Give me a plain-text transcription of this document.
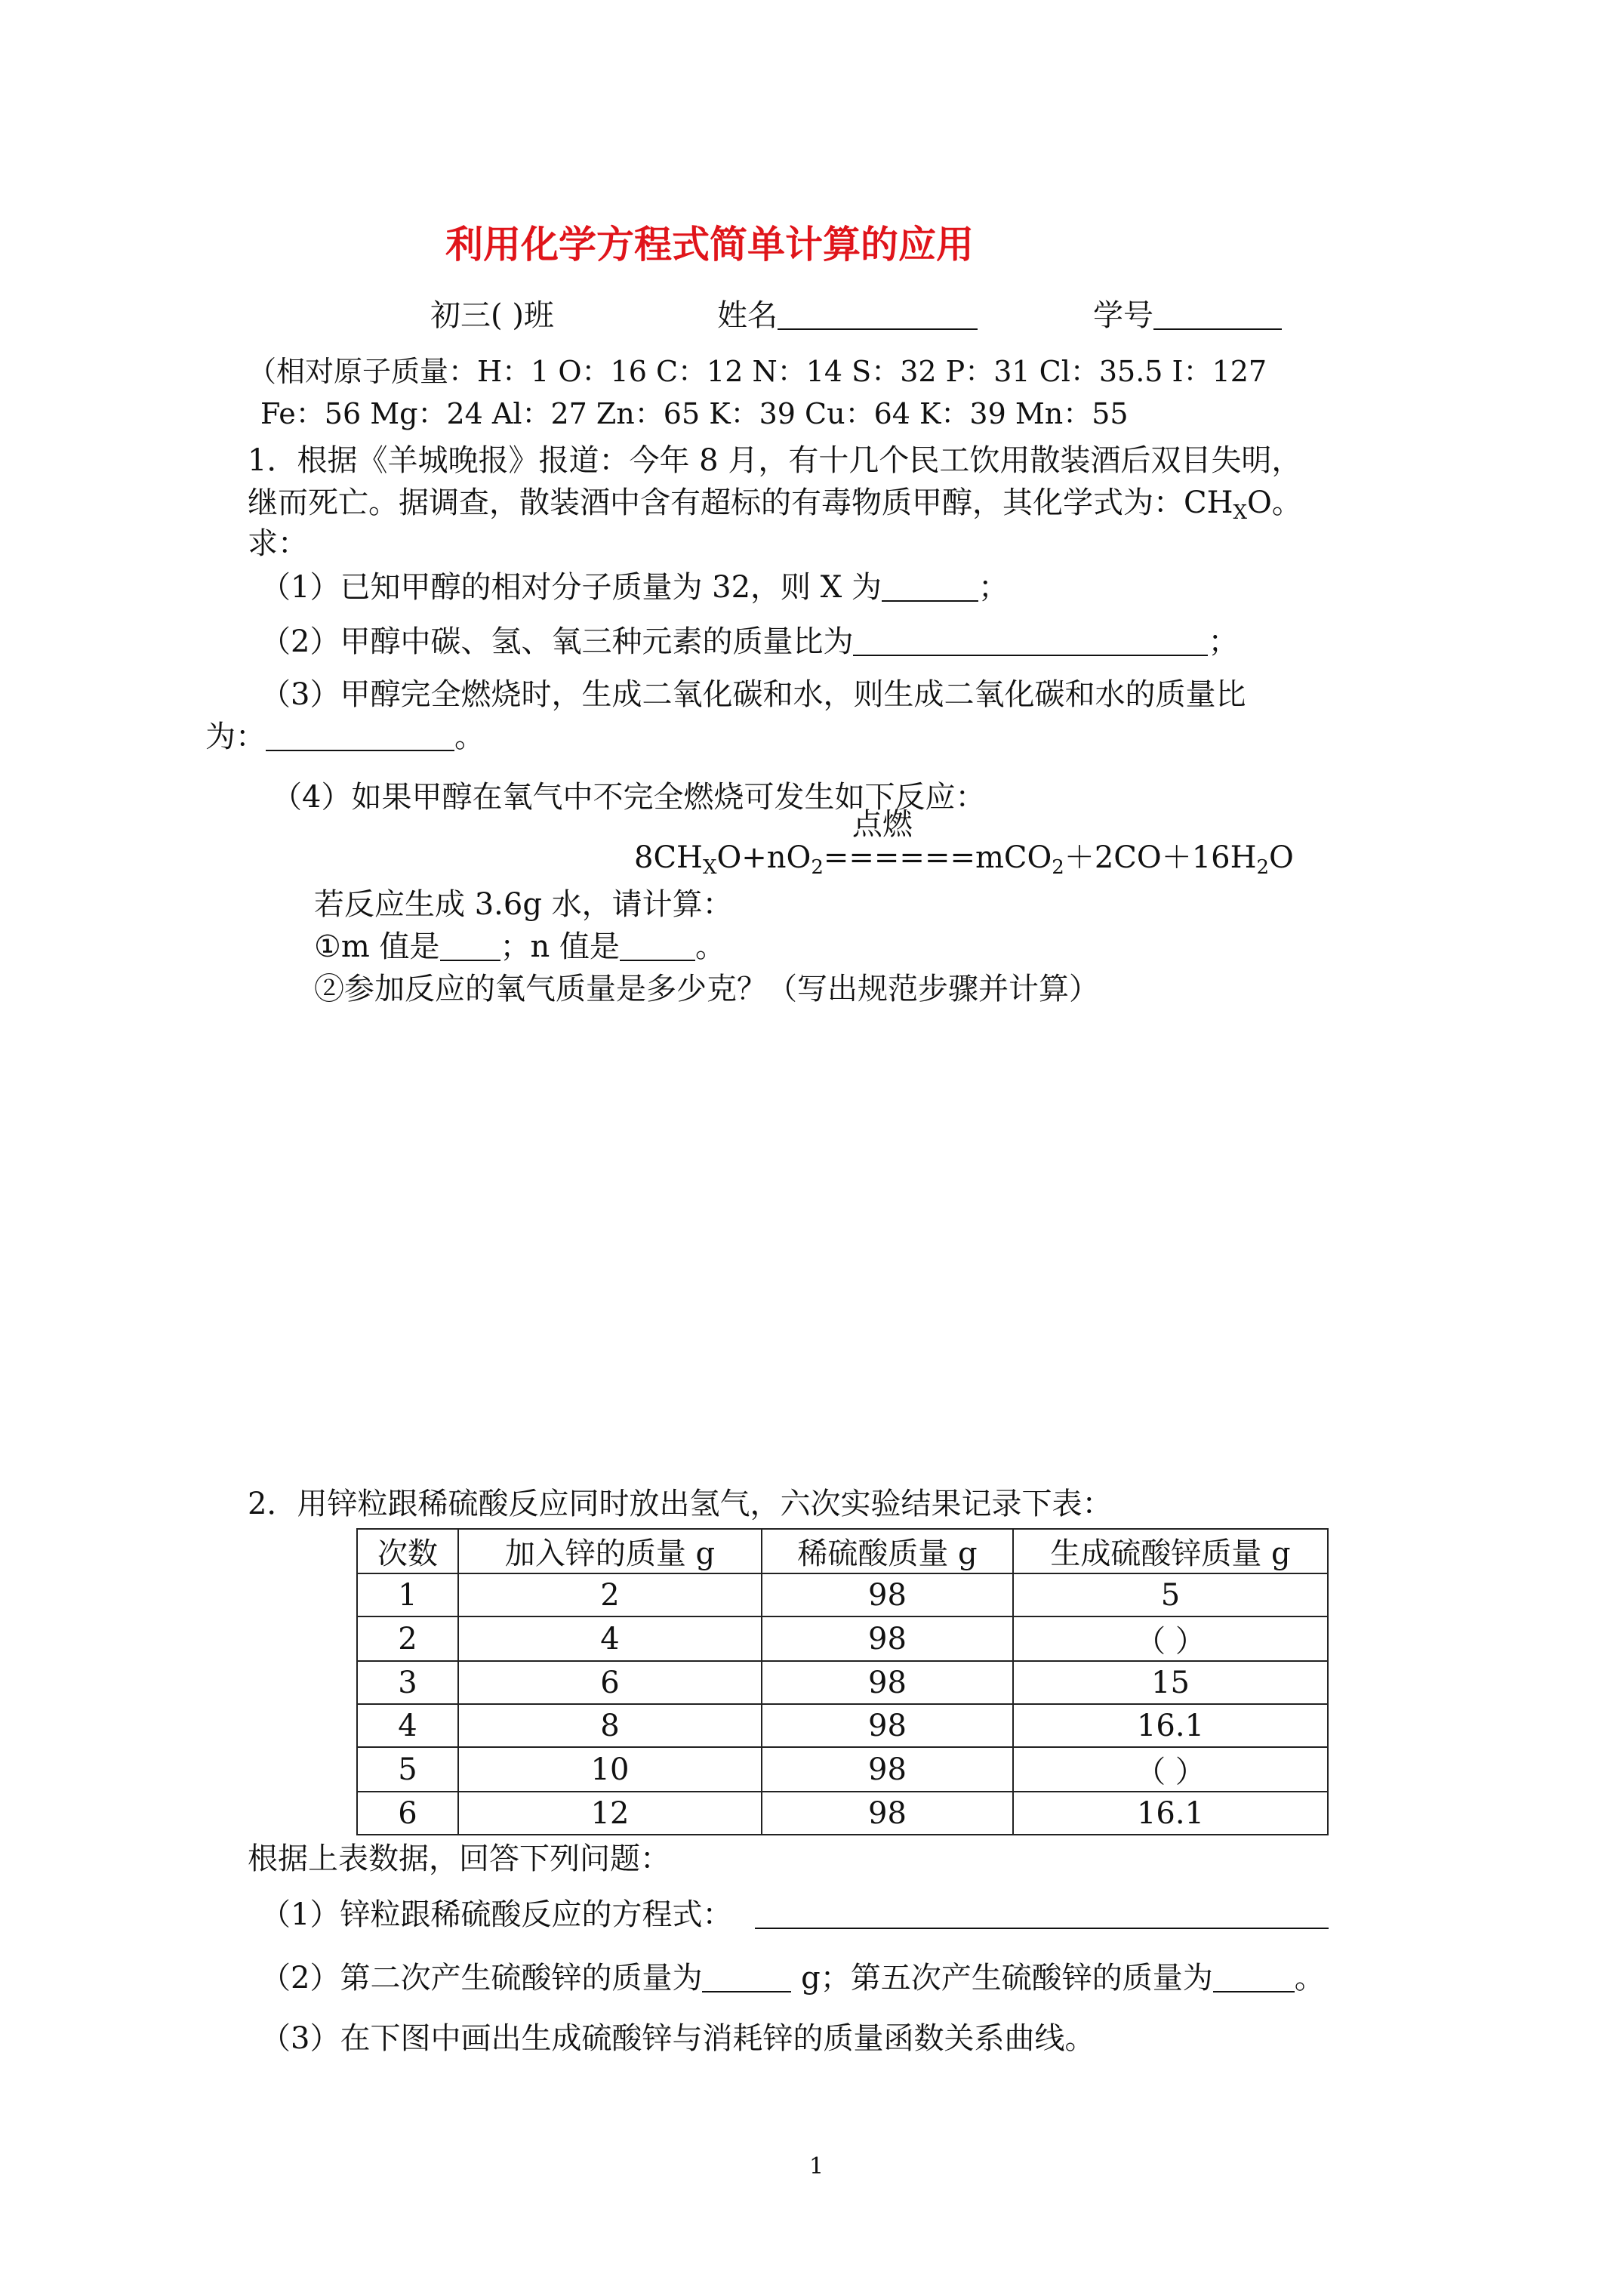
利用化学方程式简单计算的应用
初三( )班	姓名	学号
（相对原子质量：H：1 O：16 C：12 N：14 S：32 P：31 Cl：35.5 I：127
Fe：56 Mg：24 Al：27 Zn：65 K：39 Cu：64 K：39 Mn：55
1．根据《羊城晚报》报道：今年 8 月，有十几个民工饮用散装酒后双目失明，
继而死亡。据调查，散装酒中含有超标的有毒物质甲醇，其化学式为：$CH_XO$。
求：
（1）已知甲醇的相对分子质量为 32，则 X 为	；
（2）甲醇中碳、氢、氧三种元素的质量比为	；
（3）甲醇完全燃烧时，生成二氧化碳和水，则生成二氧化碳和水的质量比
为：	。
（4）如果甲醇在氧气中不完全燃烧可发生如下反应：
$8CH_XO+nO_2$
点燃
$======mCO_2+2CO+16H_2O$
若反应生成 3.6g 水，请计算：
①m 值是 ；n 值是	。
②参加反应的氧气质量是多少克？（写出规范步骤并计算）
2．用锌粒跟稀硫酸反应同时放出氢气，六次实验结果记录下表：
次数	加入锌的质量 g	稀硫酸质量 g	生成硫酸锌质量 g
1	2	98	5
2	4	98	（ ）
3	6	98	15
4	8	98	16.1
5	10	98	（ ）
6	12	98	16.1
根据上表数据，回答下列问题：
（1）锌粒跟稀硫酸反应的方程式：
（2）第二次产生硫酸锌的质量为	g；第五次产生硫酸锌的质量为	。
（3）在下图中画出生成硫酸锌与消耗锌的质量函数关系曲线。
1
